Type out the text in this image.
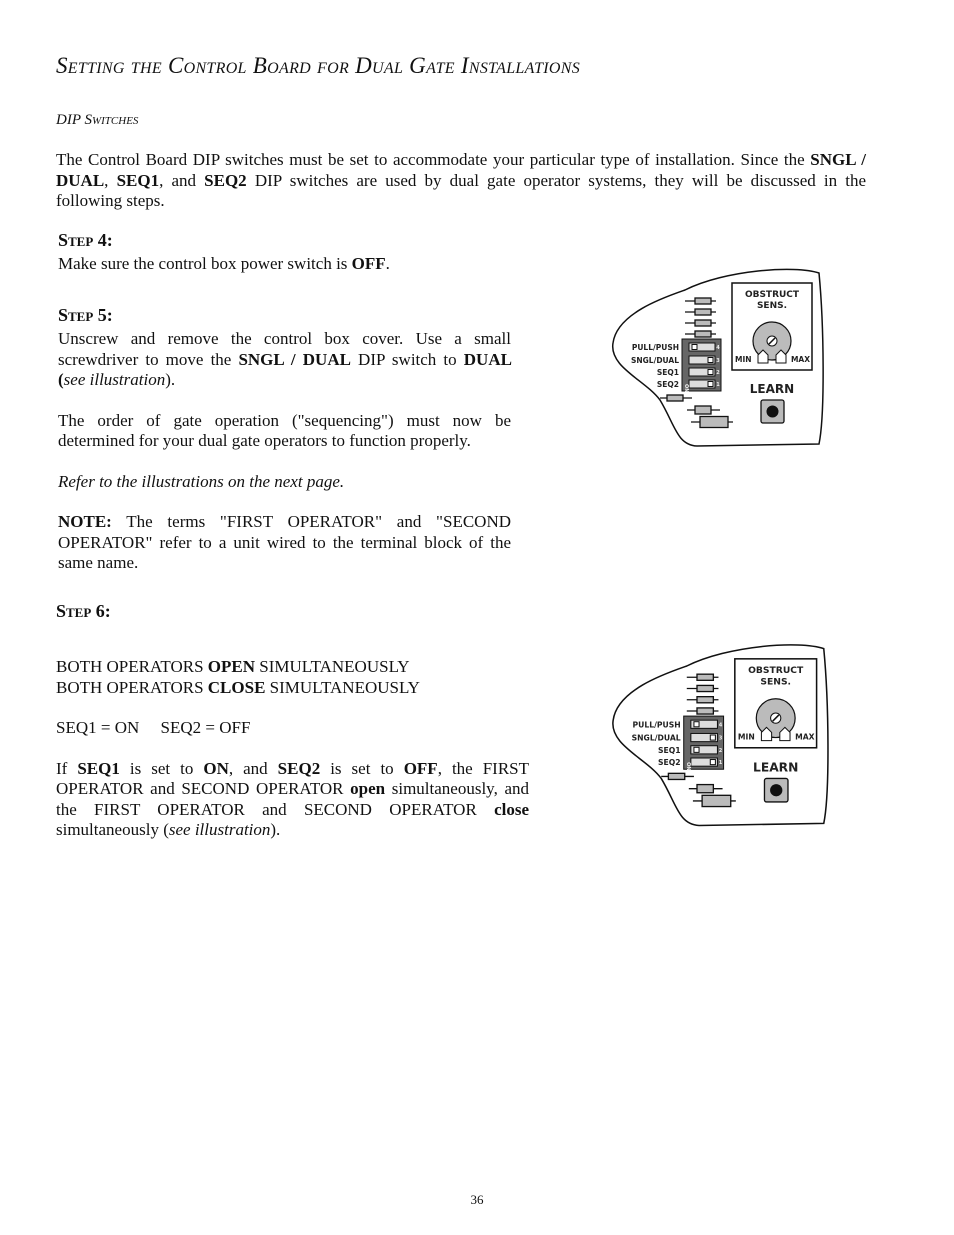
Setting the Control Board for Dual Gate Installations
DIP Switches
The Control Board DIP switches must be set to accommodate your particular type of installation. Since the SNGL / DUAL, SEQ1, and SEQ2 DIP switches are used by dual gate operator systems, they will be discussed in the following steps.
Step 4:
Make sure the control box power switch is OFF.
Step 5:

Unscrew and remove the control box cover. Use a small screwdriver to move the SNGL / DUAL DIP switch to DUAL (see illustration).

The order of gate operation ("sequencing") must now be determined for your dual gate operators to function properly.

Refer to the illustrations on the next page.

NOTE: The terms "FIRST OPERATOR" and "SECOND OPERATOR" refer to a unit wired to the terminal block of the same name.

Step 6:

BOTH OPERATORS OPEN SIMULTANEOUSLY

BOTH OPERATORS CLOSE SIMULTANEOUSLY

SEQ1 = ON     SEQ2 = OFF

If SEQ1 is set to ON, and SEQ2 is set to OFF, the FIRST OPERATOR and SECOND OPERATOR open simultaneously, and the FIRST OPERATOR and SECOND OPERATOR close simultaneously (see illustration).

PULL/PUSH	4
SNGL/DUAL	3
SEQ1	2
SEQ2	1
ON
OBSTRUCT
SENS.
MIN	MAX
LEARN
PULL/PUSH	4
SNGL/DUAL	3
SEQ1	2
SEQ2	1
ON
OBSTRUCT
SENS.
MIN	MAX
LEARN
36
